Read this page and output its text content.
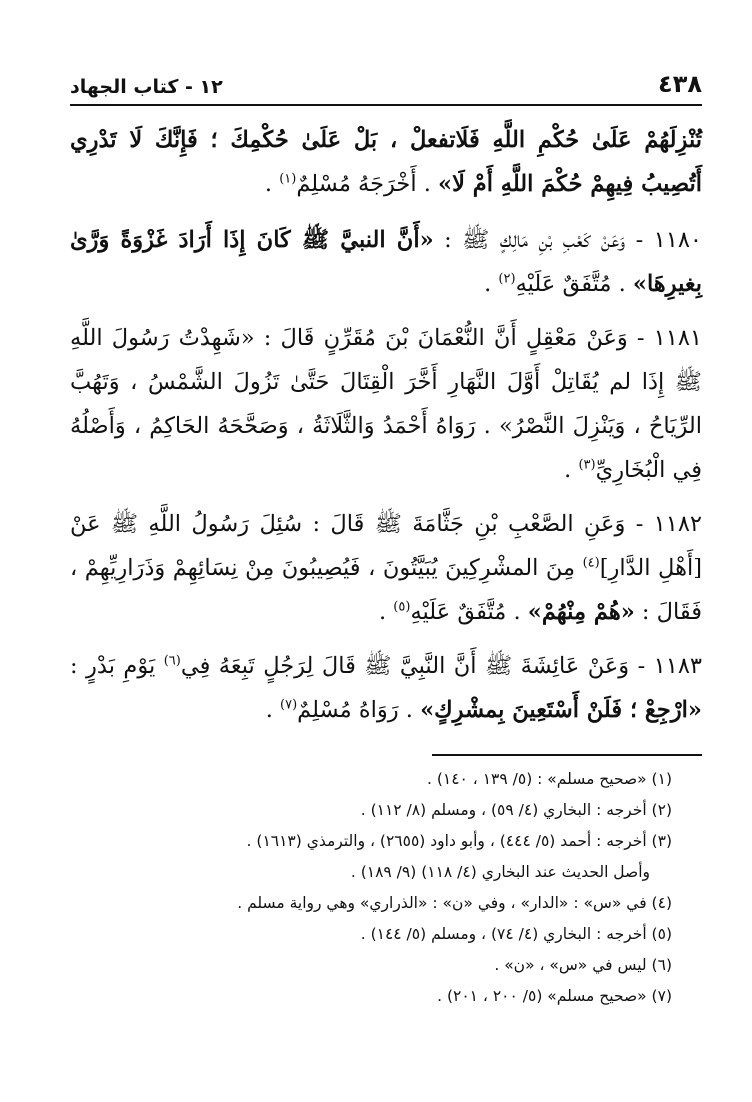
٤٣٨
١٢ - كتاب الجهاد

تُنْزِلَهُمْ عَلَىٰ حُكْمِ اللَّهِ فَلَاتفعلْ ، بَلْ عَلَىٰ حُكْمِكَ ؛ فَإِنَّكَ لَا تَدْرِي أَتُصِيبُ فِيهِمْ حُكْمَ اللَّهِ أَمْ لَا» . أَخْرَجَهُ مُسْلِمٌ$^{(١)}$ .

١١٨٠ - وَعَنْ كَعْبِ بْنِ مَالِكٍ ﷺ : «أَنَّ النبيَّ ﷺ كَانَ إِذَا أَرَادَ غَزْوَةً وَرَّىٰ بِغيرِهَا» . مُتَّفَقٌ عَلَيْهِ$^{(٢)}$ .

١١٨١ - وَعَنْ مَعْقِلٍ أَنَّ النُّعْمَانَ بْنَ مُقَرِّنٍ قَالَ : «شَهِدْتُ رَسُولَ اللَّهِ ﷺ إِذَا لم يُقَاتِلْ أَوَّلَ النَّهَارِ أَخَّرَ الْقِتَالَ حَتَّىٰ تَزُولَ الشَّمْسُ ، وَتَهُبَّ الرِّيَاحُ ، وَيَنْزِلَ النَّصْرُ» . رَوَاهُ أَحْمَدُ وَالثَّلَاثَةُ ، وَصَحَّحَهُ الحَاكِمُ ، وَأَصْلُهُ فِي الْبُخَارِيِّ$^{(٣)}$ .

١١٨٢ - وَعَنِ الصَّعْبِ بْنِ جَثَّامَةَ ﷺ قَالَ : سُئِلَ رَسُولُ اللَّهِ ﷺ عَنْ [أَهْلِ الدَّارِ]$^{(٤)}$ مِنَ المشْرِكِينَ يُبَيَّتُونَ ، فَيُصِيبُونَ مِنْ نِسَائِهِمْ وَذَرَارِيِّهِمْ ، فَقَالَ : «هُمْ مِنْهُمْ» . مُتَّفَقٌ عَلَيْهِ$^{(٥)}$ .

١١٨٣ - وَعَنْ عَائِشَةَ ﷺ أَنَّ النَّبِيَّ ﷺ قَالَ لِرَجُلٍ تَبِعَهُ فِي$^{(٦)}$ يَوْمِ بَدْرٍ : «ارْجِعْ ؛ فَلَنْ أَسْتَعِينَ بِمشْرِكٍ» . رَوَاهُ مُسْلِمٌ$^{(٧)}$ .

(١) «صحيح مسلم» : (٥/ ١٣٩ ، ١٤٠) .
(٢) أخرجه : البخاري (٤/ ٥٩) ، ومسلم (٨/ ١١٢) .
(٣) أخرجه : أحمد (٥/ ٤٤٤) ، وأبو داود (٢٦٥٥) ، والترمذي (١٦١٣) .
وأصل الحديث عند البخاري (٤/ ١١٨) (٩/ ١٨٩) .
(٤) في «س» : «الدار» ، وفي «ن» : «الذراري» وهي رواية مسلم .
(٥) أخرجه : البخاري (٤/ ٧٤) ، ومسلم (٥/ ١٤٤) .
(٦) ليس في «س» ، «ن» .
(٧) «صحيح مسلم» (٥/ ٢٠٠ ، ٢٠١) .
